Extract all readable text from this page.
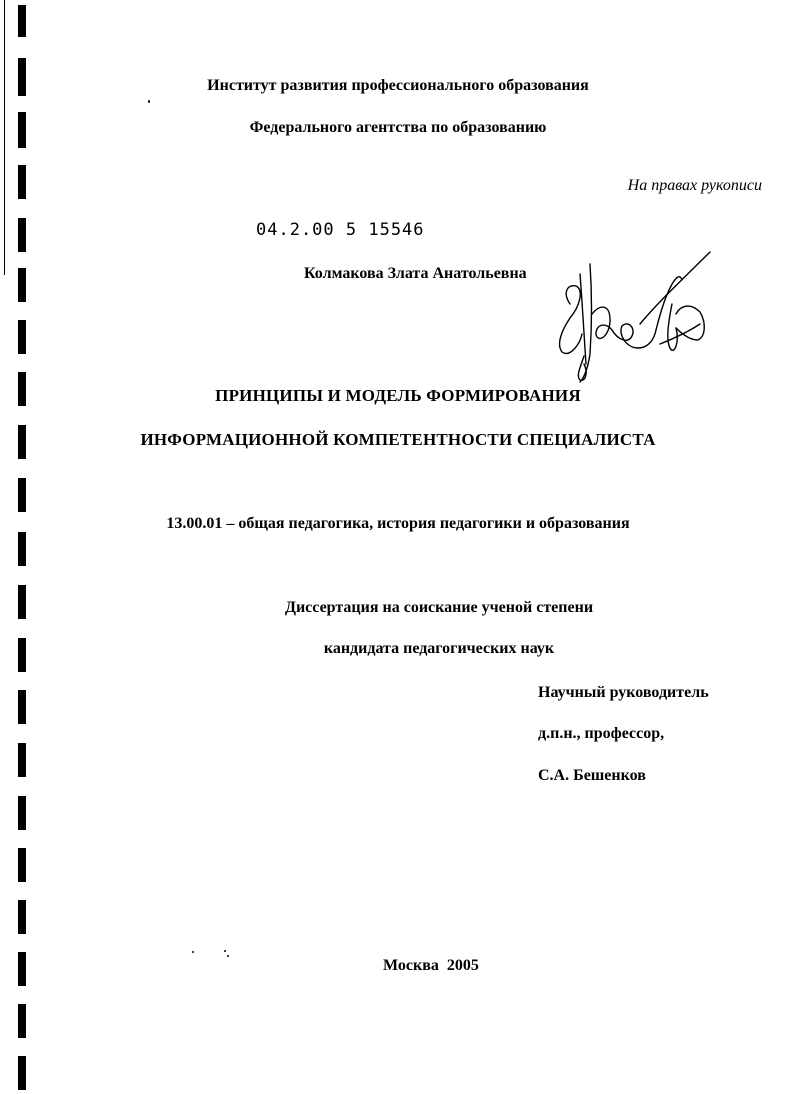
Институт развития профессионального образования
Федерального агентства по образованию
На правах рукописи
04.2.00 5 15546
Колмакова Злата Анатольевна
ПРИНЦИПЫ И МОДЕЛЬ ФОРМИРОВАНИЯ
ИНФОРМАЦИОННОЙ КОМПЕТЕНТНОСТИ СПЕЦИАЛИСТА
13.00.01 – общая педагогика, история педагогики и образования
Диссертация на соискание ученой степени
кандидата педагогических наук
Научный руководитель
д.п.н., профессор,
С.А. Бешенков
Москва  2005
